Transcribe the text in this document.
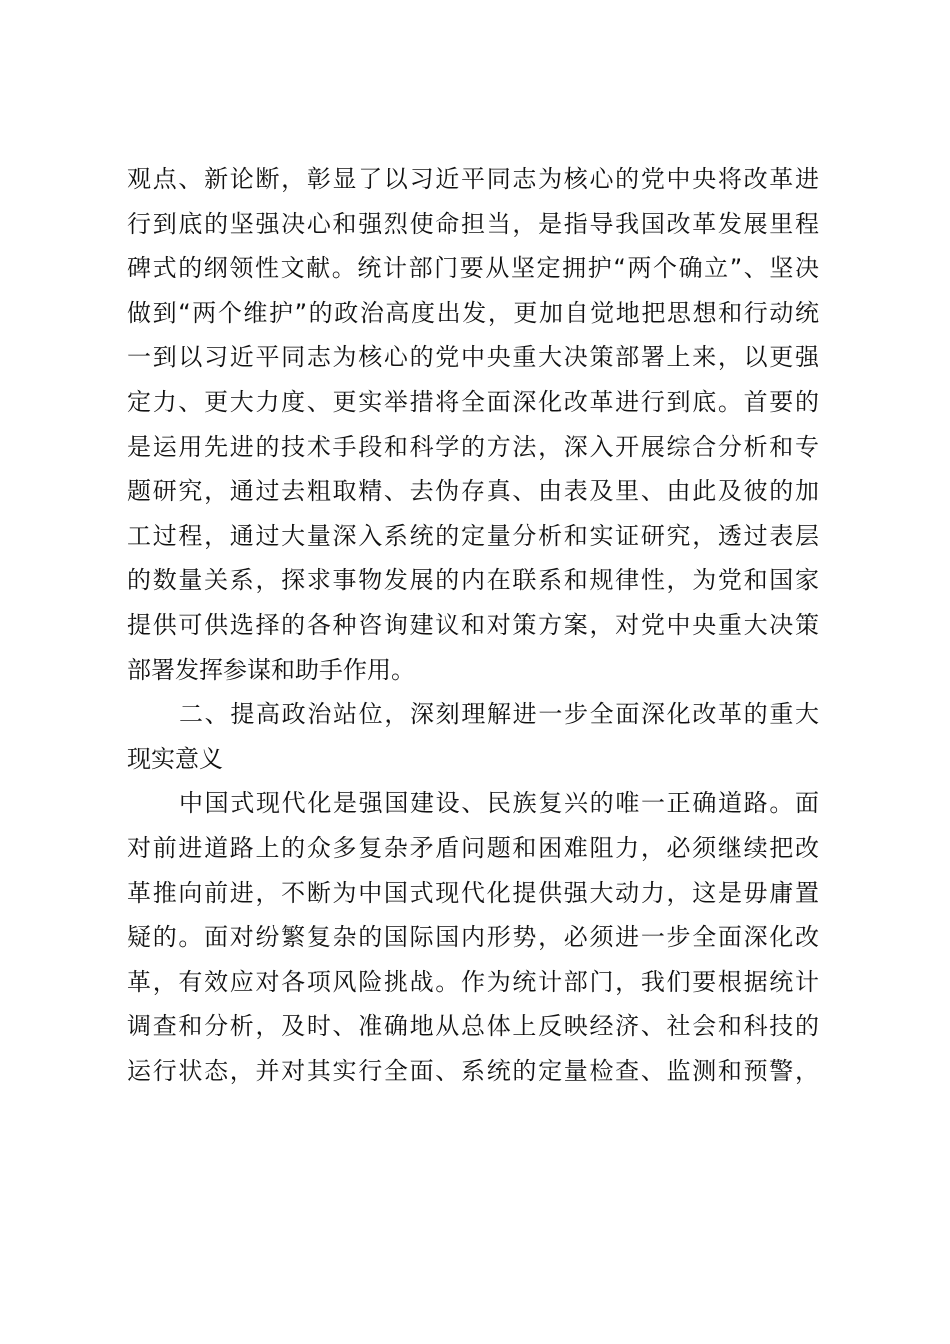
观点、新论断，彰显了以习近平同志为核心的党中央将改革进
行到底的坚强决心和强烈使命担当，是指导我国改革发展里程
碑式的纲领性文献。统计部门要从坚定拥护“两个确立”、坚决
做到“两个维护”的政治高度出发，更加自觉地把思想和行动统
一到以习近平同志为核心的党中央重大决策部署上来，以更强
定力、更大力度、更实举措将全面深化改革进行到底。首要的
是运用先进的技术手段和科学的方法，深入开展综合分析和专
题研究，通过去粗取精、去伪存真、由表及里、由此及彼的加
工过程，通过大量深入系统的定量分析和实证研究，透过表层
的数量关系，探求事物发展的内在联系和规律性，为党和国家
提供可供选择的各种咨询建议和对策方案，对党中央重大决策
部署发挥参谋和助手作用。
二、提高政治站位，深刻理解进一步全面深化改革的重大
现实意义
中国式现代化是强国建设、民族复兴的唯一正确道路。面
对前进道路上的众多复杂矛盾问题和困难阻力，必须继续把改
革推向前进，不断为中国式现代化提供强大动力，这是毋庸置
疑的。面对纷繁复杂的国际国内形势，必须进一步全面深化改
革，有效应对各项风险挑战。作为统计部门，我们要根据统计
调查和分析，及时、准确地从总体上反映经济、社会和科技的
运行状态，并对其实行全面、系统的定量检查、监测和预警，
